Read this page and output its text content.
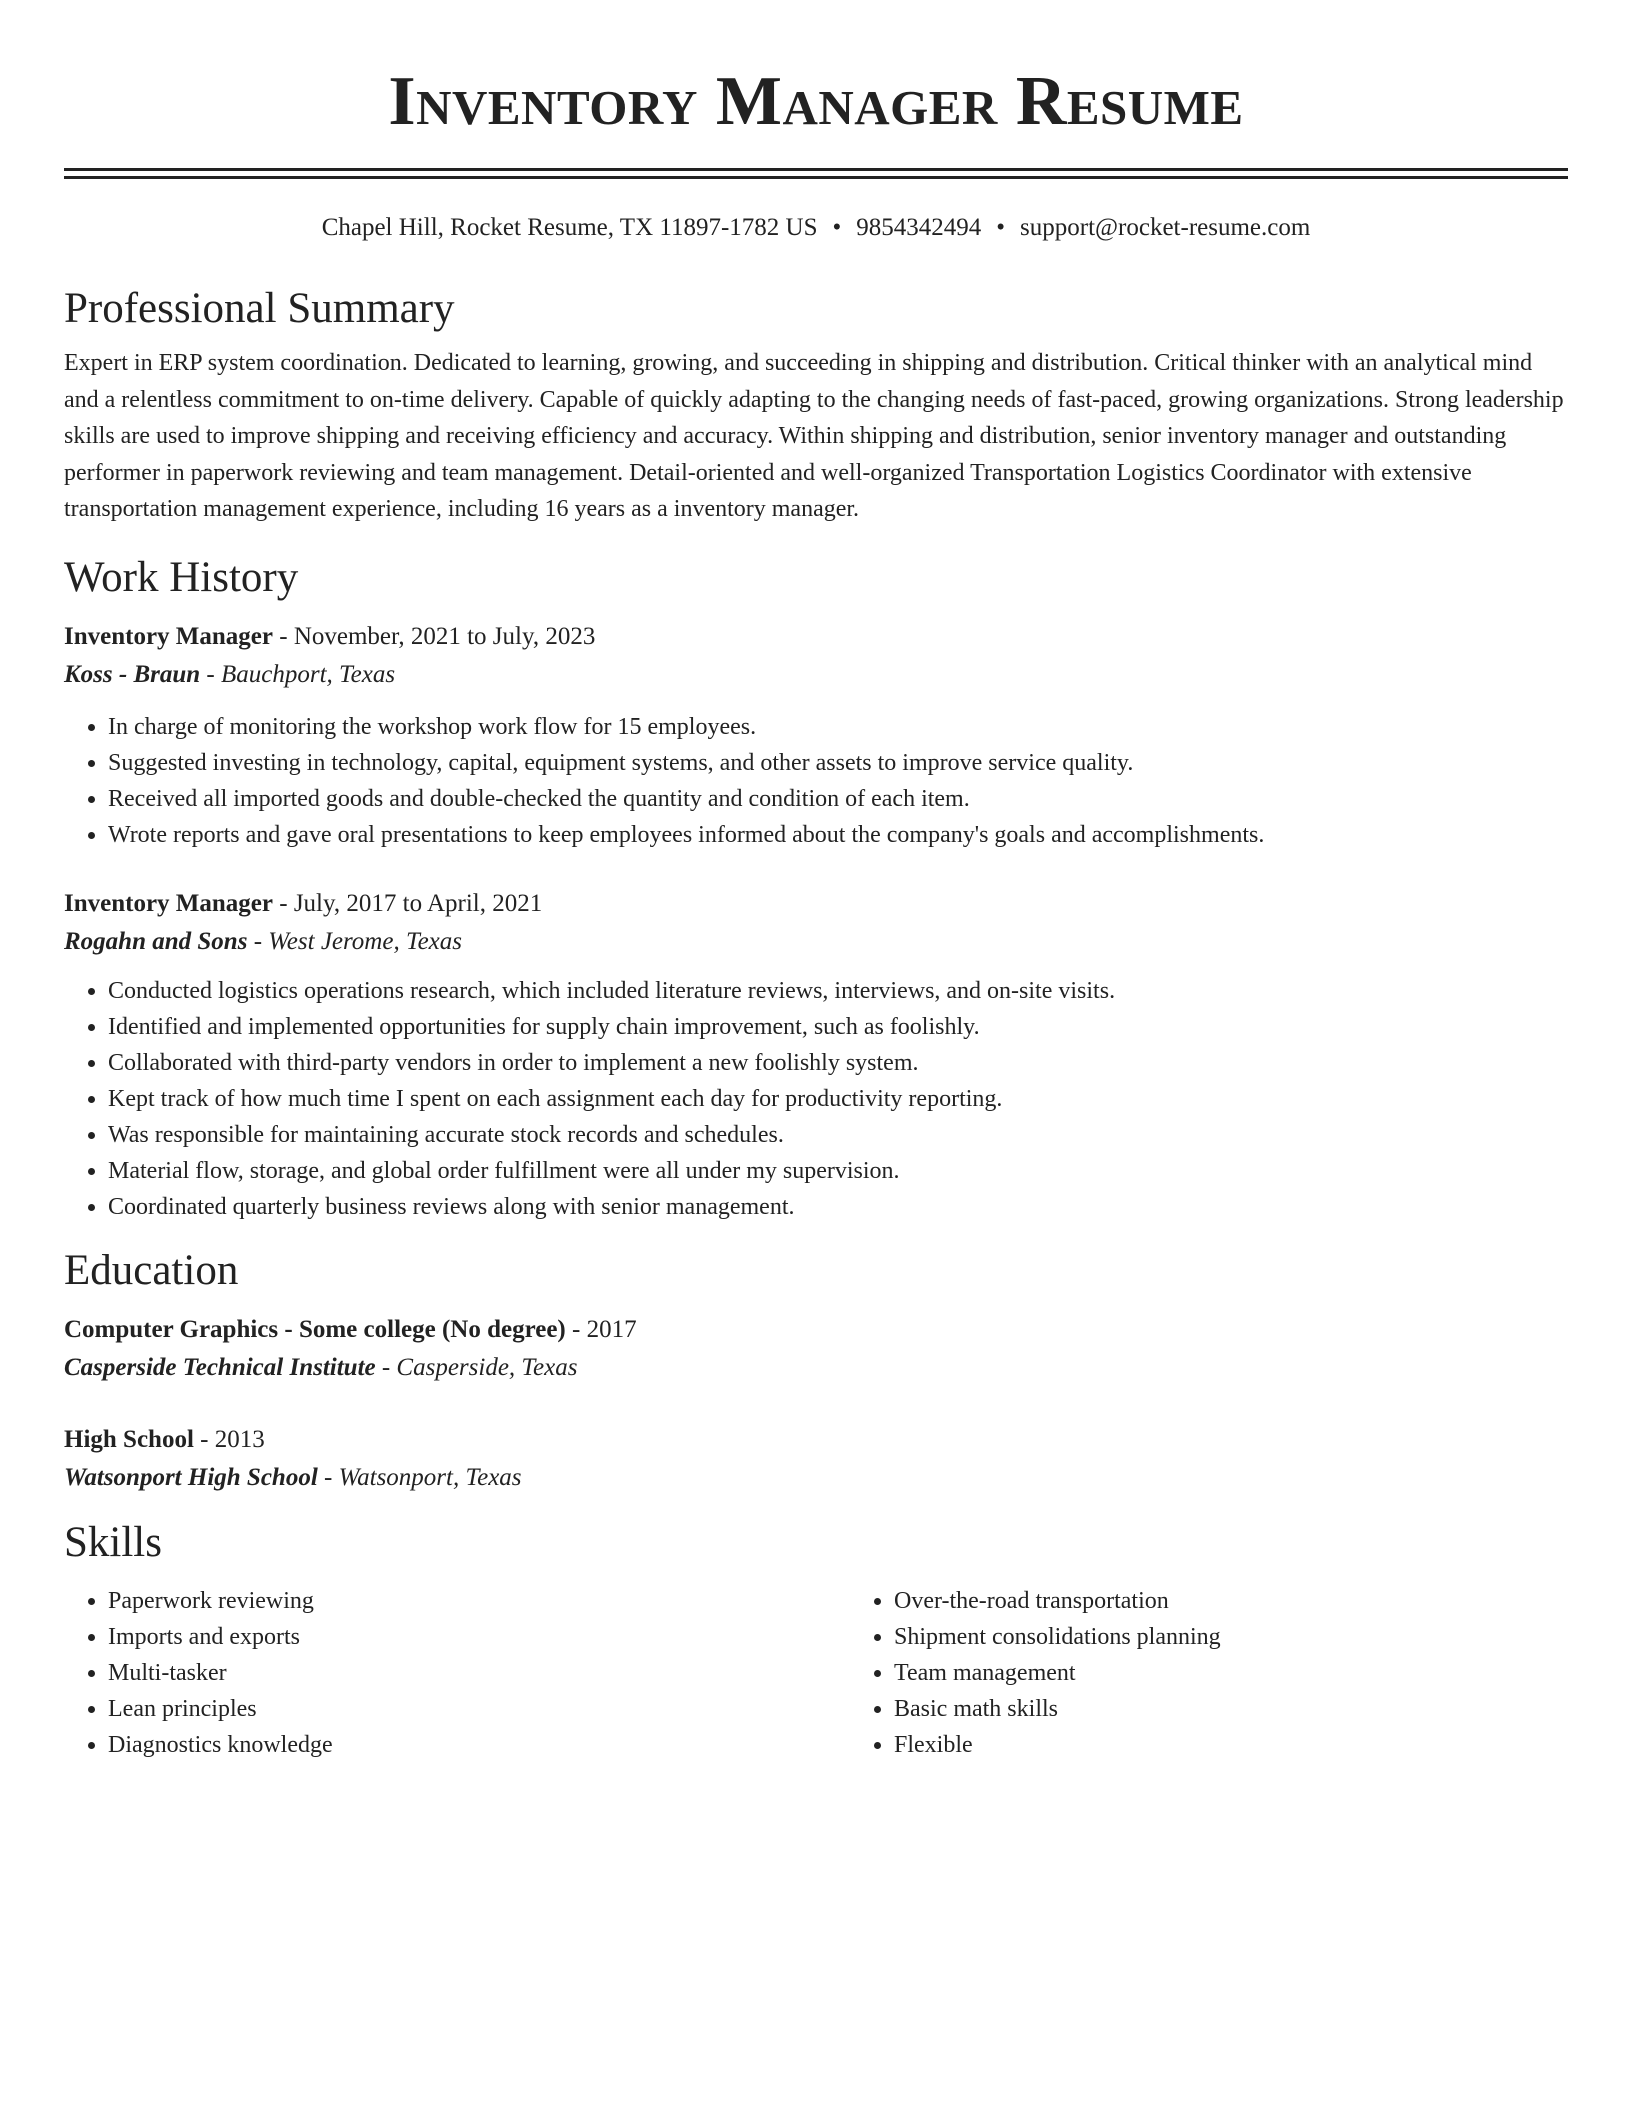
Inventory Manager Resume
Chapel Hill, Rocket Resume, TX 11897-1782 US • 9854342494 • support@rocket-resume.com
Professional Summary

Expert in ERP system coordination. Dedicated to learning, growing, and succeeding in shipping and distribution. Critical thinker with an analytical mind and a relentless commitment to on-time delivery. Capable of quickly adapting to the changing needs of fast-paced, growing organizations. Strong leadership skills are used to improve shipping and receiving efficiency and accuracy. Within shipping and distribution, senior inventory manager and outstanding performer in paperwork reviewing and team management. Detail-oriented and well-organized Transportation Logistics Coordinator with extensive transportation management experience, including 16 years as a inventory manager.

Work History
Inventory Manager - November, 2021 to July, 2023
Koss - Braun - Bauchport, Texas
• In charge of monitoring the workshop work flow for 15 employees.
• Suggested investing in technology, capital, equipment systems, and other assets to improve service quality.
• Received all imported goods and double-checked the quantity and condition of each item.
• Wrote reports and gave oral presentations to keep employees informed about the company's goals and accomplishments.
Inventory Manager - July, 2017 to April, 2021
Rogahn and Sons - West Jerome, Texas
• Conducted logistics operations research, which included literature reviews, interviews, and on-site visits.
• Identified and implemented opportunities for supply chain improvement, such as foolishly.
• Collaborated with third-party vendors in order to implement a new foolishly system.
• Kept track of how much time I spent on each assignment each day for productivity reporting.
• Was responsible for maintaining accurate stock records and schedules.
• Material flow, storage, and global order fulfillment were all under my supervision.
• Coordinated quarterly business reviews along with senior management.
Education
Computer Graphics - Some college (No degree) - 2017
Casperside Technical Institute - Casperside, Texas
High School - 2013
Watsonport High School - Watsonport, Texas
Skills
• Paperwork reviewing
• Imports and exports
• Multi-tasker
• Lean principles
• Diagnostics knowledge
• Over-the-road transportation
• Shipment consolidations planning
• Team management
• Basic math skills
• Flexible
